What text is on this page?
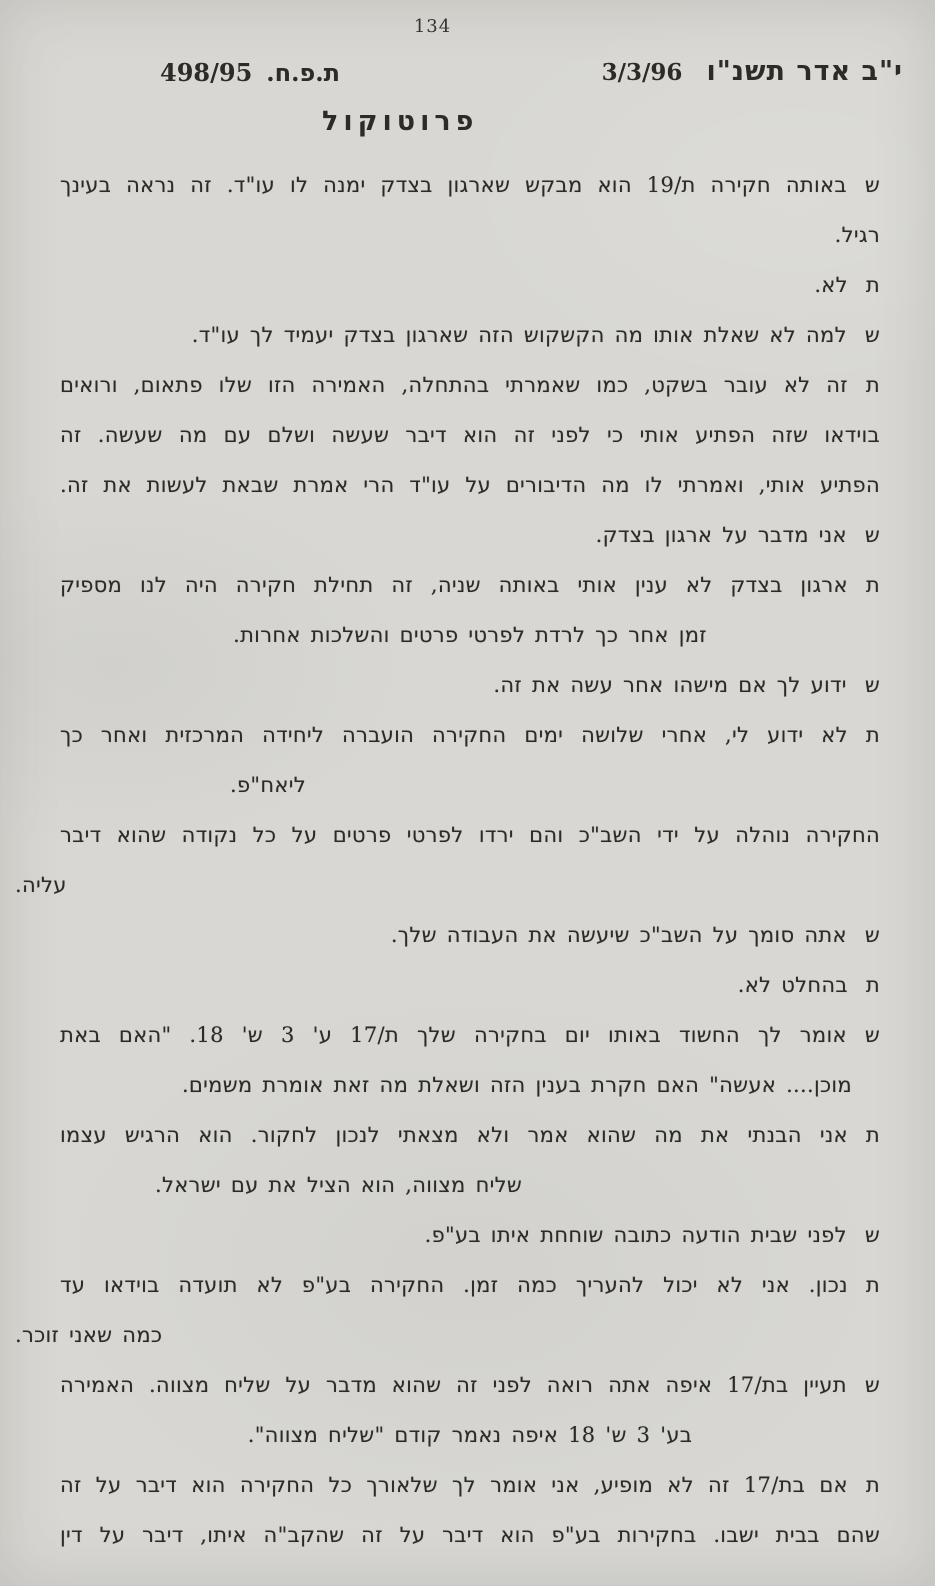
134
י"ב אדר תשנ"ו
3/3/96
ת.פ.ח.
498/95
פרוטוקול
שבאותה חקירה ת/19 הוא מבקש שארגון בצדק ימנה לו עו"ד. זה נראה בעינך
רגיל.
תלא.
שלמה לא שאלת אותו מה הקשקוש הזה שארגון בצדק יעמיד לך עו"ד.
תזה לא עובר בשקט, כמו שאמרתי בהתחלה, האמירה הזו שלו פתאום, ורואים
בוידאו שזה הפתיע אותי כי לפני זה הוא דיבר שעשה ושלם עם מה שעשה. זה
הפתיע אותי, ואמרתי לו מה הדיבורים על עו"ד הרי אמרת שבאת לעשות את זה.
שאני מדבר על ארגון בצדק.
תארגון בצדק לא ענין אותי באותה שניה, זה תחילת חקירה היה לנו מספיק
זמן אחר כך לרדת לפרטי פרטים והשלכות אחרות.
שידוע לך אם מישהו אחר עשה את זה.
תלא ידוע לי, אחרי שלושה ימים החקירה הועברה ליחידה המרכזית ואחר כך
ליאח"פ.
החקירה נוהלה על ידי השב"כ והם ירדו לפרטי פרטים על כל נקודה שהוא דיבר
עליה.
שאתה סומך על השב"כ שיעשה את העבודה שלך.
תבהחלט לא.
שאומר לך החשוד באותו יום בחקירה שלך ת/17 ע' 3 ש' 18. "האם באת
מוכן.... אעשה" האם חקרת בענין הזה ושאלת מה זאת אומרת משמים.
תאני הבנתי את מה שהוא אמר ולא מצאתי לנכון לחקור. הוא הרגיש עצמו
שליח מצווה, הוא הציל את עם ישראל.
שלפני שבית הודעה כתובה שוחחת איתו בע"פ.
תנכון. אני לא יכול להעריך כמה זמן. החקירה בע"פ לא תועדה בוידאו עד
כמה שאני זוכר.
שתעיין בת/17 איפה אתה רואה לפני זה שהוא מדבר על שליח מצווה. האמירה
בע' 3 ש' 18 איפה נאמר קודם "שליח מצווה".
תאם בת/17 זה לא מופיע, אני אומר לך שלאורך כל החקירה הוא דיבר על זה
שהם בבית ישבו. בחקירות בע"פ הוא דיבר על זה שהקב"ה איתו, דיבר על דין
